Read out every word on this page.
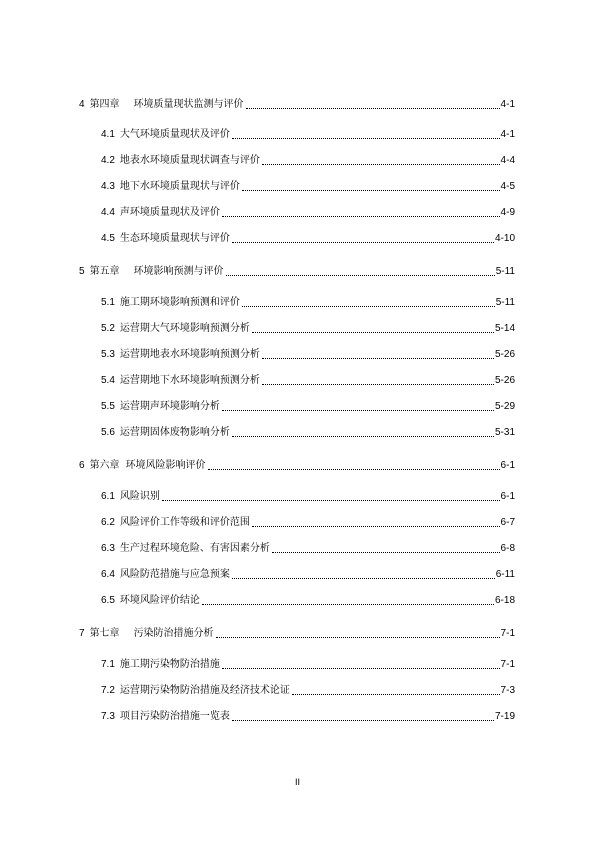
4 第四章 环境质量现状监测与评价	4-1
4.1 大气环境质量现状及评价	4-1
4.2 地表水环境质量现状调查与评价	4-4
4.3 地下水环境质量现状与评价	4-5
4.4 声环境质量现状及评价	4-9
4.5 生态环境质量现状与评价	4-10
5 第五章 环境影响预测与评价	5-11
5.1 施工期环境影响预测和评价	5-11
5.2 运营期大气环境影响预测分析	5-14
5.3 运营期地表水环境影响预测分析	5-26
5.4 运营期地下水环境影响预测分析	5-26
5.5 运营期声环境影响分析	5-29
5.6 运营期固体废物影响分析	5-31
6 第六章 环境风险影响评价	6-1
6.1 风险识别	6-1
6.2 风险评价工作等级和评价范围	6-7
6.3 生产过程环境危险、有害因素分析	6-8
6.4 风险防范措施与应急预案	6-11
6.5 环境风险评价结论	6-18
7 第七章 污染防治措施分析	7-1
7.1 施工期污染物防治措施	7-1
7.2 运营期污染物防治措施及经济技术论证	7-3
7.3 项目污染防治措施一览表	7-19
II
